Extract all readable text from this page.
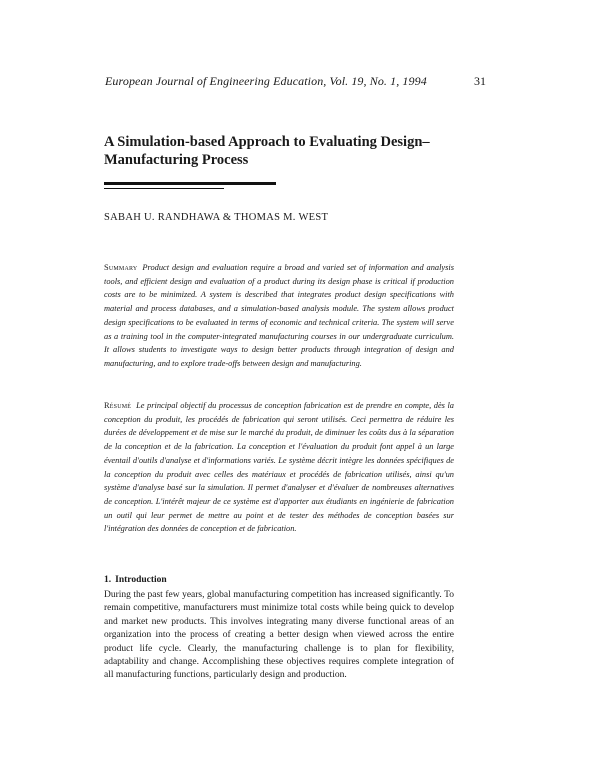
European Journal of Engineering Education, Vol. 19, No. 1, 1994	31
A Simulation-based Approach to Evaluating Design–Manufacturing Process
SABAH U. RANDHAWA & THOMAS M. WEST
Summary Product design and evaluation require a broad and varied set of information and analysis tools, and efficient design and evaluation of a product during its design phase is critical if production costs are to be minimized. A system is described that integrates product design specifications with material and process databases, and a simulation-based analysis module. The system allows product design specifications to be evaluated in terms of economic and technical criteria. The system will serve as a training tool in the computer-integrated manufacturing courses in our undergraduate curriculum. It allows students to investigate ways to design better products through integration of design and manufacturing, and to explore trade-offs between design and manufacturing.
Résumé Le principal objectif du processus de conception fabrication est de prendre en compte, dès la conception du produit, les procédés de fabrication qui seront utilisés. Ceci permettra de réduire les durées de développement et de mise sur le marché du produit, de diminuer les coûts dus à la séparation de la conception et de la fabrication. La conception et l'évaluation du produit font appel à un large éventail d'outils d'analyse et d'informations variés. Le système décrit intègre les données spécifiques de la conception du produit avec celles des matériaux et procédés de fabrication utilisés, ainsi qu'un système d'analyse basé sur la simulation. Il permet d'analyser et d'évaluer de nombreuses alternatives de conception. L'intérêt majeur de ce système est d'apporter aux étudiants en ingénierie de fabrication un outil qui leur permet de mettre au point et de tester des méthodes de conception basées sur l'intégration des données de conception et de fabrication.
1. Introduction
During the past few years, global manufacturing competition has increased significantly. To remain competitive, manufacturers must minimize total costs while being quick to develop and market new products. This involves integrating many diverse functional areas of an organization into the process of creating a better design when viewed across the entire product life cycle. Clearly, the manufacturing challenge is to plan for flexibility, adaptability and change. Accomplishing these objectives requires complete integration of all manufacturing functions, particularly design and production.
